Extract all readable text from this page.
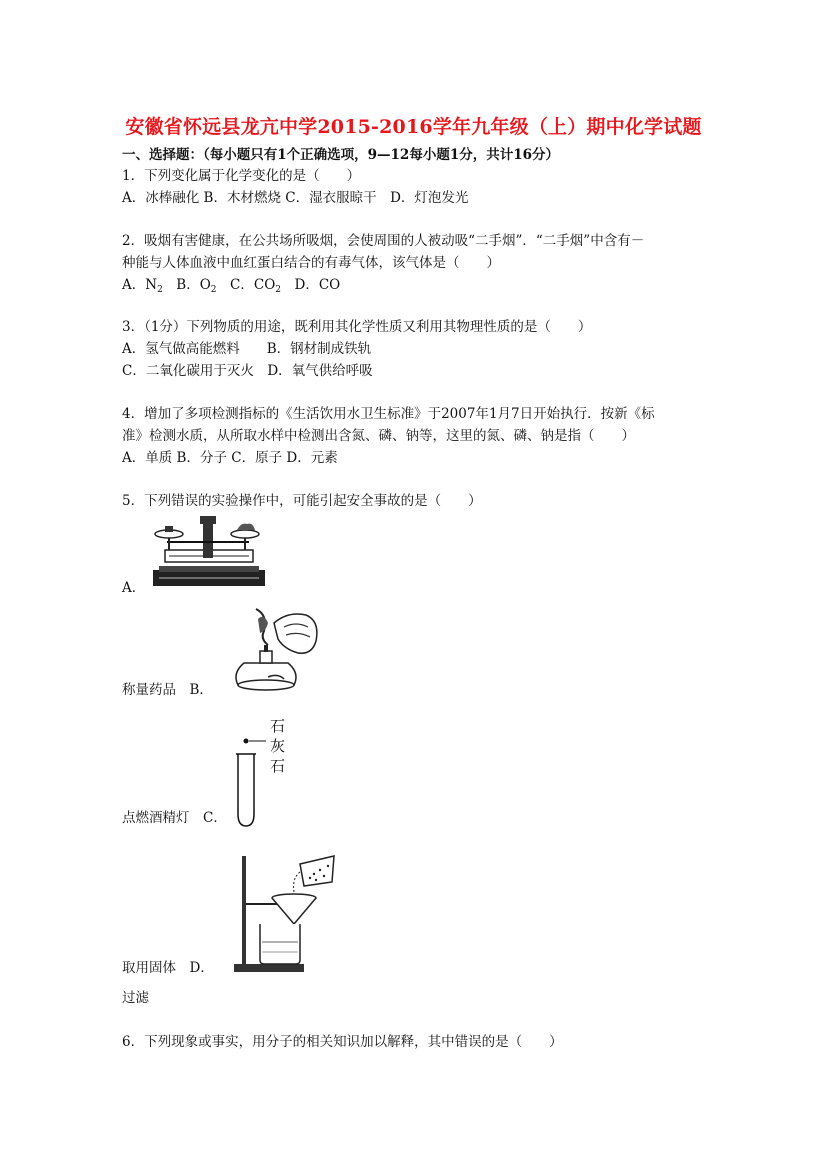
安徽省怀远县龙亢中学2015-2016学年九年级（上）期中化学试题
一、选择题：（每小题只有1个正确选项，9—12每小题1分，共计16分）
1．下列变化属于化学变化的是（　　）
A．冰棒融化 B．木材燃烧 C．湿衣服晾干　D．灯泡发光
2．吸烟有害健康，在公共场所吸烟，会使周围的人被动吸“二手烟”．“二手烟”中含有－
种能与人体血液中血红蛋白结合的有毒气体，该气体是（　　）
A．$N_2$　B．$O_2$　C．$CO_2$　D．CO
3．（1分）下列物质的用途，既利用其化学性质又利用其物理性质的是（　　）
A．氢气做高能燃料　　B．钢材制成铁轨
C．二氧化碳用于灭火　D．氧气供给呼吸
4．增加了多项检测指标的《生活饮用水卫生标准》于2007年1月7日开始执行．按新《标
准》检测水质，从所取水样中检测出含氮、磷、钠等，这里的氮、磷、钠是指（　　）
A．单质 B．分子 C．原子 D．元素
5．下列错误的实验操作中，可能引起安全事故的是（　　）
A．
称量药品　B．
石
灰
石
点燃酒精灯　C．
取用固体　D．
过滤
6．下列现象或事实，用分子的相关知识加以解释，其中错误的是（　　）
